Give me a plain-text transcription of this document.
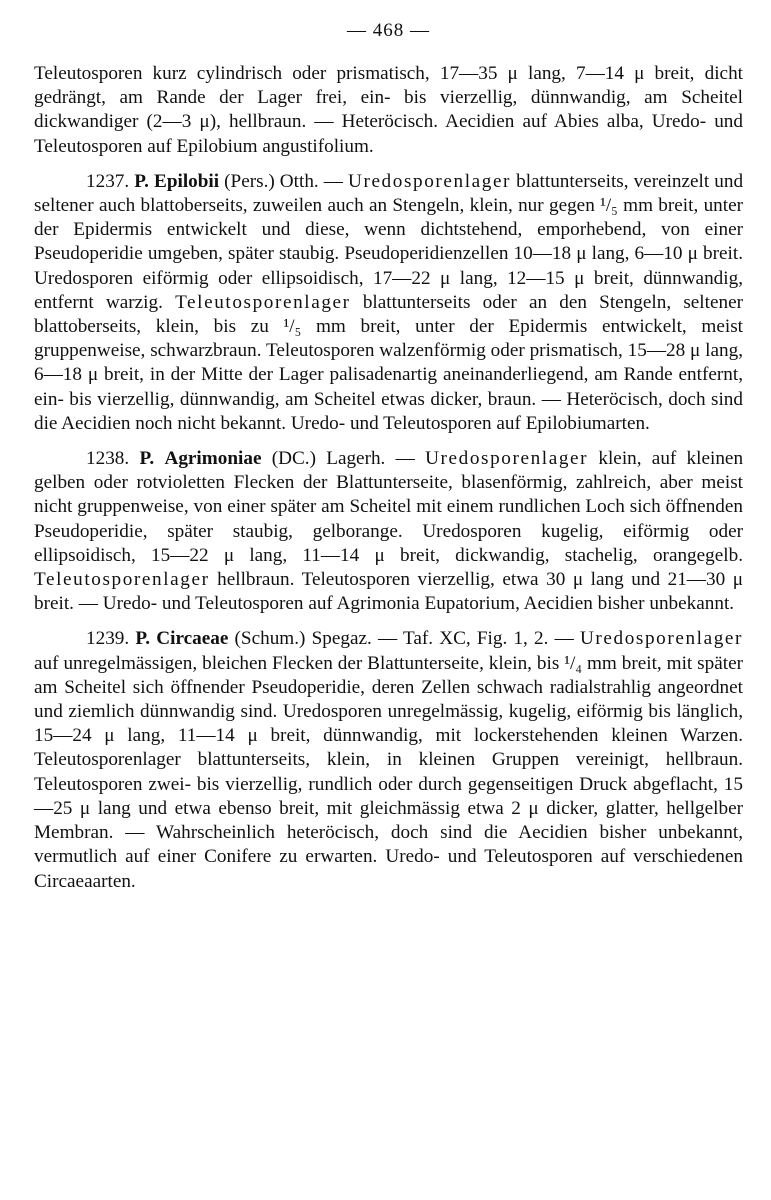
— 468 —

Teleutosporen kurz cylindrisch oder prismatisch, 17—35 μ lang, 7—14 μ breit, dicht gedrängt, am Rande der Lager frei, ein- bis vierzellig, dünnwandig, am Scheitel dickwandiger (2—3 μ), hellbraun. — Heteröcisch. Aecidien auf Abies alba, Uredo- und Teleutosporen auf Epilobium angustifolium.

1237. P. Epilobii (Pers.) Otth. — Uredosporenlager blattunterseits, vereinzelt und seltener auch blattoberseits, zuweilen auch an Stengeln, klein, nur gegen ¹/₅ mm breit, unter der Epidermis entwickelt und diese, wenn dichtstehend, emporhebend, von einer Pseudoperidie umgeben, später staubig. Pseudoperidienzellen 10—18 μ lang, 6—10 μ breit. Uredosporen eiförmig oder ellipsoidisch, 17—22 μ lang, 12—15 μ breit, dünnwandig, entfernt warzig. Teleutosporenlager blattunterseits oder an den Stengeln, seltener blattoberseits, klein, bis zu ¹/₅ mm breit, unter der Epidermis entwickelt, meist gruppenweise, schwarzbraun. Teleutosporen walzenförmig oder prismatisch, 15—28 μ lang, 6—18 μ breit, in der Mitte der Lager palisadenartig aneinanderliegend, am Rande entfernt, ein- bis vierzellig, dünnwandig, am Scheitel etwas dicker, braun. — Heteröcisch, doch sind die Aecidien noch nicht bekannt. Uredo- und Teleutosporen auf Epilobiumarten.

1238. P. Agrimoniae (DC.) Lagerh. — Uredosporenlager klein, auf kleinen gelben oder rotvioletten Flecken der Blattunterseite, blasenförmig, zahlreich, aber meist nicht gruppenweise, von einer später am Scheitel mit einem rundlichen Loch sich öffnenden Pseudoperidie, später staubig, gelborange. Uredosporen kugelig, eiförmig oder ellipsoidisch, 15—22 μ lang, 11—14 μ breit, dickwandig, stachelig, orangegelb. Teleutosporenlager hellbraun. Teleutosporen vierzellig, etwa 30 μ lang und 21—30 μ breit. — Uredo- und Teleutosporen auf Agrimonia Eupatorium, Aecidien bisher unbekannt.

1239. P. Circaeae (Schum.) Spegaz. — Taf. XC, Fig. 1, 2. — Uredosporenlager auf unregelmässigen, bleichen Flecken der Blattunterseite, klein, bis ¹/₄ mm breit, mit später am Scheitel sich öffnender Pseudoperidie, deren Zellen schwach radialstrahlig angeordnet und ziemlich dünnwandig sind. Uredosporen unregelmässig, kugelig, eiförmig bis länglich, 15—24 μ lang, 11—14 μ breit, dünnwandig, mit lockerstehenden kleinen Warzen. Teleutosporenlager blattunterseits, klein, in kleinen Gruppen vereinigt, hellbraun. Teleutosporen zwei- bis vierzellig, rundlich oder durch gegenseitigen Druck abgeflacht, 15—25 μ lang und etwa ebenso breit, mit gleichmässig etwa 2 μ dicker, glatter, hellgelber Membran. — Wahrscheinlich heteröcisch, doch sind die Aecidien bisher unbekannt, vermutlich auf einer Conifere zu erwarten. Uredo- und Teleutosporen auf verschiedenen Circaeaarten.
